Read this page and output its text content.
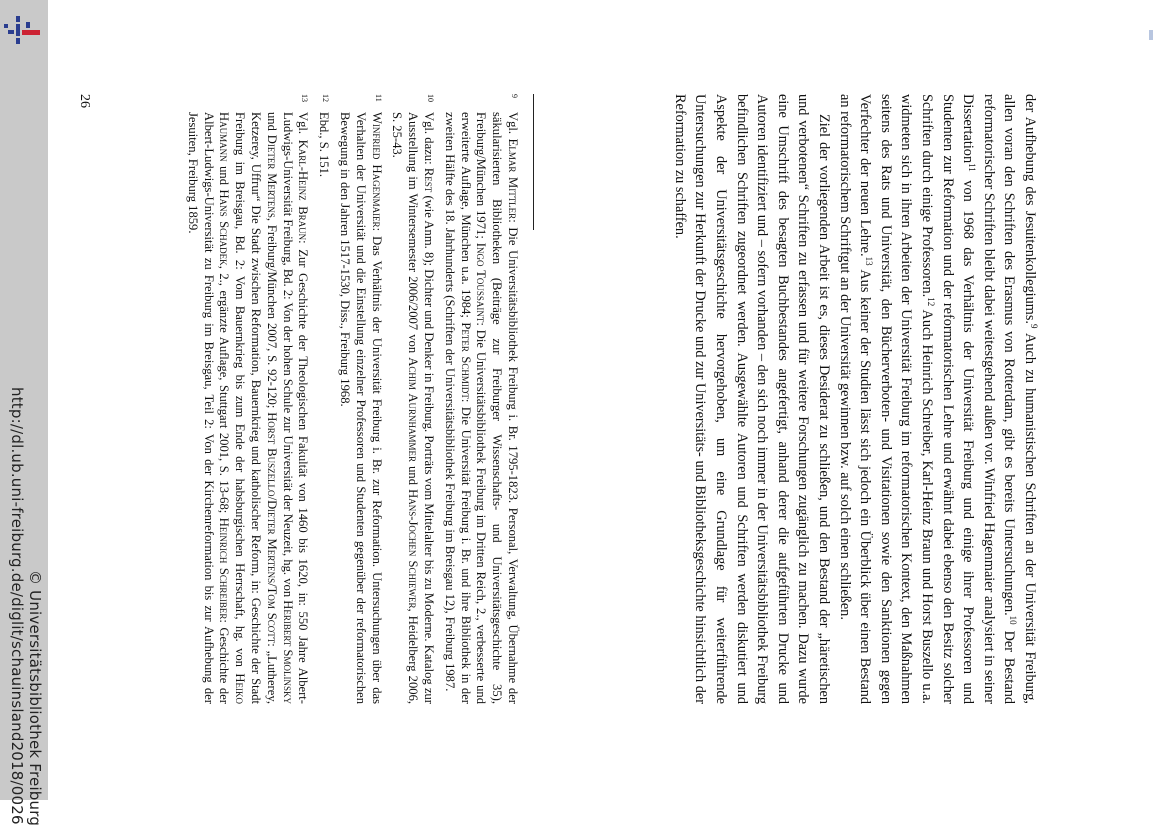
http://dl.ub.uni-freiburg.de/diglit/schauinsland2018/0026 © Universitätsbibliothek Freiburg

der Aufhebung des Jesuitenkollegiums.$^9$ Auch zu humanistischen Schriften an der Universität Freiburg, allen voran den Schriften des Erasmus von Rotterdam, gibt es bereits Untersuchungen.$^{10}$ Der Bestand reformatorischer Schriften bleibt dabei weitestgehend außen vor. Winfried Hagenmaier analysiert in seiner Dissertation$^{11}$ von 1968 das Verhältnis der Universität Freiburg und einige ihrer Professoren und Studenten zur Reformation und der reformatorischen Lehre und erwähnt dabei ebenso den Besitz solcher Schriften durch einige Professoren.$^{12}$ Auch Heinrich Schreiber, Karl-Heinz Braun und Horst Buszello u.a. widmeten sich in ihren Arbeiten der Universität Freiburg im reformatorischen Kontext, den Maßnahmen seitens des Rats und Universität, den Bücherverboten- und Visitationen sowie den Sanktionen gegen Verfechter der neuen Lehre.$^{13}$ Aus keiner der Studien lässt sich jedoch ein Überblick über einen Bestand an reformatorischem Schriftgut an der Universität gewinnen bzw. auf solch einen schließen.

Ziel der vorliegenden Arbeit ist es, dieses Desiderat zu schließen, und den Bestand der „häretischen und verbotenen“ Schriften zu erfassen und für weitere Forschungen zugänglich zu machen. Dazu wurde eine Umschrift des besagten Buchbestandes angefertigt, anhand derer die aufgeführten Drucke und Autoren identifiziert und – sofern vorhanden – den sich noch immer in der Universitätsbibliothek Freiburg befindlichen Schriften zugeordnet werden. Ausgewählte Autoren und Schriften werden diskutiert und Aspekte der Universitätsgeschichte hervorgehoben, um eine Grundlage für weiterführende Untersuchungen zur Herkunft der Drucke und zur Universitäts- und Bibliotheksgeschichte hinsichtlich der Reformation zu schaffen.

9
Vgl. Elmar Mittler: Die Universitätsbibliothek Freiburg i. Br. 1795-1823. Personal, Verwaltung, Übernahme der säkularisierten Bibliotheken (Beiträge zur Freiburger Wissenschafts- und Universitätsgeschichte 35), Freiburg/München 1971; Ingo Toussaint: Die Universitätsbibliothek Freiburg im Dritten Reich, 2., verbesserte und erweiterte Auflage, München u.a. 1984; Peter Schmidt: Die Universität Freiburg i. Br. und ihre Bibliothek in der zweiten Hälfte des 18. Jahrhunderts (Schriften der Universitätsbibliothek Freiburg im Breisgau 12), Freiburg 1987.
10
Vgl. dazu: Rest (wie Anm. 8); Dichter und Denker in Freiburg. Porträts vom Mittelalter bis zu Moderne. Katalog zur Ausstellung im Wintersemester 2006/2007 von Achim Aurnhammer und Hans-Jochen Schiewer, Heidelberg 2006, S. 25-43.
11
Winfried Hagenmaier: Das Verhältnis der Universität Freiburg i. Br. zur Reformation. Untersuchungen über das Verhalten der Universität und die Einstellung einzelner Professoren und Studenten gegenüber der reformatorischen Bewegung in den Jahren 1517-1530, Diss., Freiburg 1968.
12
Ebd., S. 151.
13
Vgl. Karl-Heinz Braun: Zur Geschichte der Theologischen Fakultät von 1460 bis 1620, in: 550 Jahre Albert-Ludwigs-Universität Freiburg, Bd. 2: Von der hohen Schule zur Universität der Neuzeit, hg. von Heribert Smolinsky und Dieter Mertens, Freiburg/München 2007, S. 92-120; Horst Buszello/Dieter Mertens/Tom Scott: „Lutherey, Ketzerey, Uffrur“ Die Stadt zwischen Reformation, Bauernkrieg und katholischer Reform, in: Geschichte der Stadt Freiburg im Breisgau, Bd. 2: Vom Bauernkrieg bis zum Ende der habsburgischen Herrschaft, hg. von Heiko Haumann und Hans Schadek, 2., ergänzte Auflage, Stuttgart 2001, S. 13-68; Heinrich Schreiber: Geschichte der Albert-Ludwigs-Universität zu Freiburg im Breisgau, Teil 2: Von der Kirchenreformation bis zur Aufhebung der Jesuiten, Freiburg 1859.
26
